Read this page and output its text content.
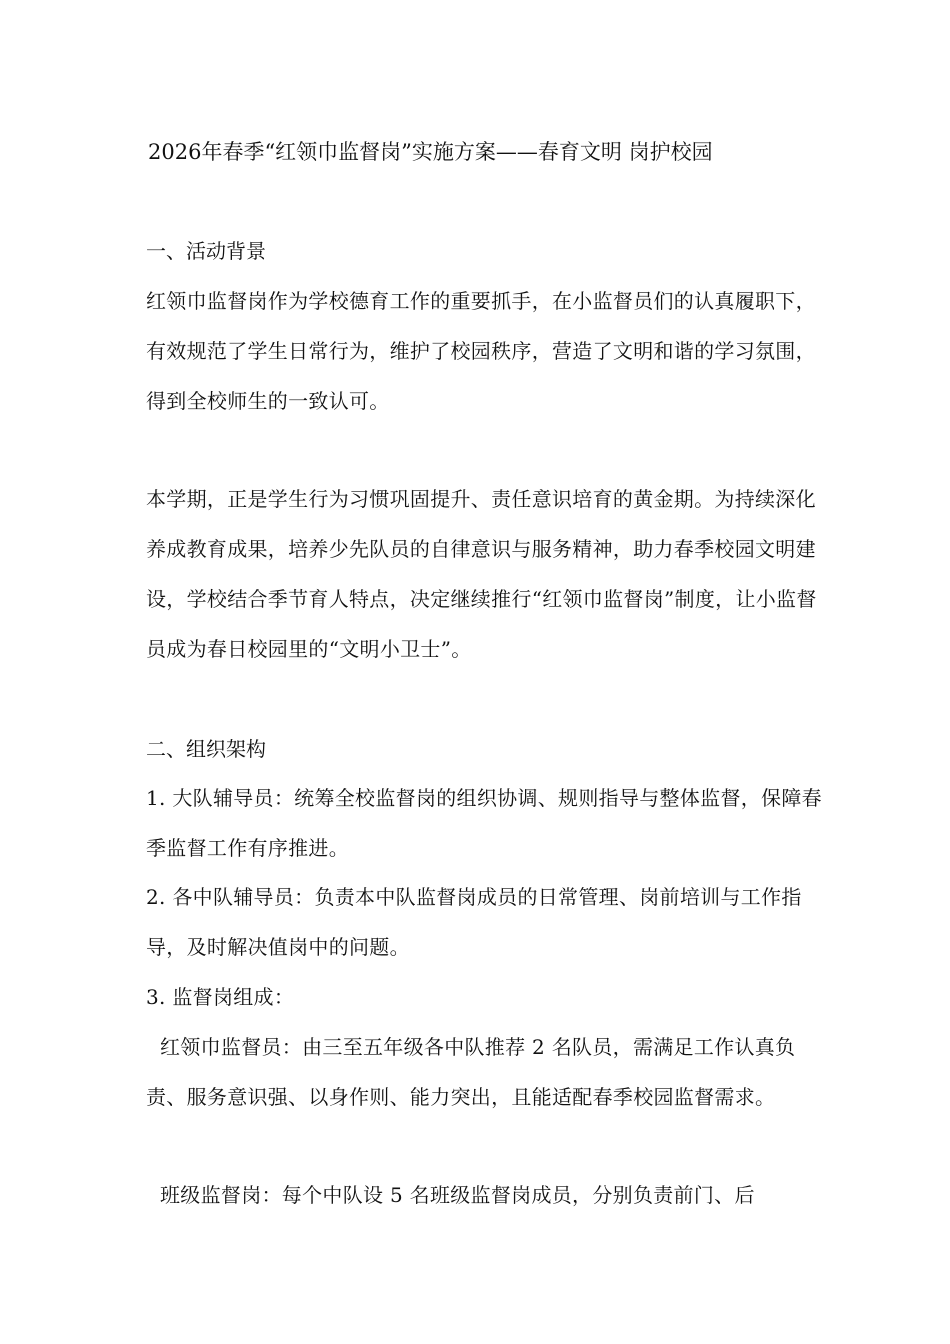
2026年春季“红领巾监督岗”实施方案——春育文明 岗护校园
一、活动背景
红领巾监督岗作为学校德育工作的重要抓手，在小监督员们的认真履职下，有效规范了学生日常行为，维护了校园秩序，营造了文明和谐的学习氛围，得到全校师生的一致认可。
本学期，正是学生行为习惯巩固提升、责任意识培育的黄金期。为持续深化养成教育成果，培养少先队员的自律意识与服务精神，助力春季校园文明建设，学校结合季节育人特点，决定继续推行“红领巾监督岗”制度，让小监督员成为春日校园里的“文明小卫士”。
二、组织架构
1. 大队辅导员：统筹全校监督岗的组织协调、规则指导与整体监督，保障春季监督工作有序推进。
2. 各中队辅导员：负责本中队监督岗成员的日常管理、岗前培训与工作指导，及时解决值岗中的问题。
3. 监督岗组成：
红领巾监督员：由三至五年级各中队推荐 2 名队员，需满足工作认真负责、服务意识强、以身作则、能力突出，且能适配春季校园监督需求。
班级监督岗：每个中队设 5 名班级监督岗成员，分别负责前门、后
